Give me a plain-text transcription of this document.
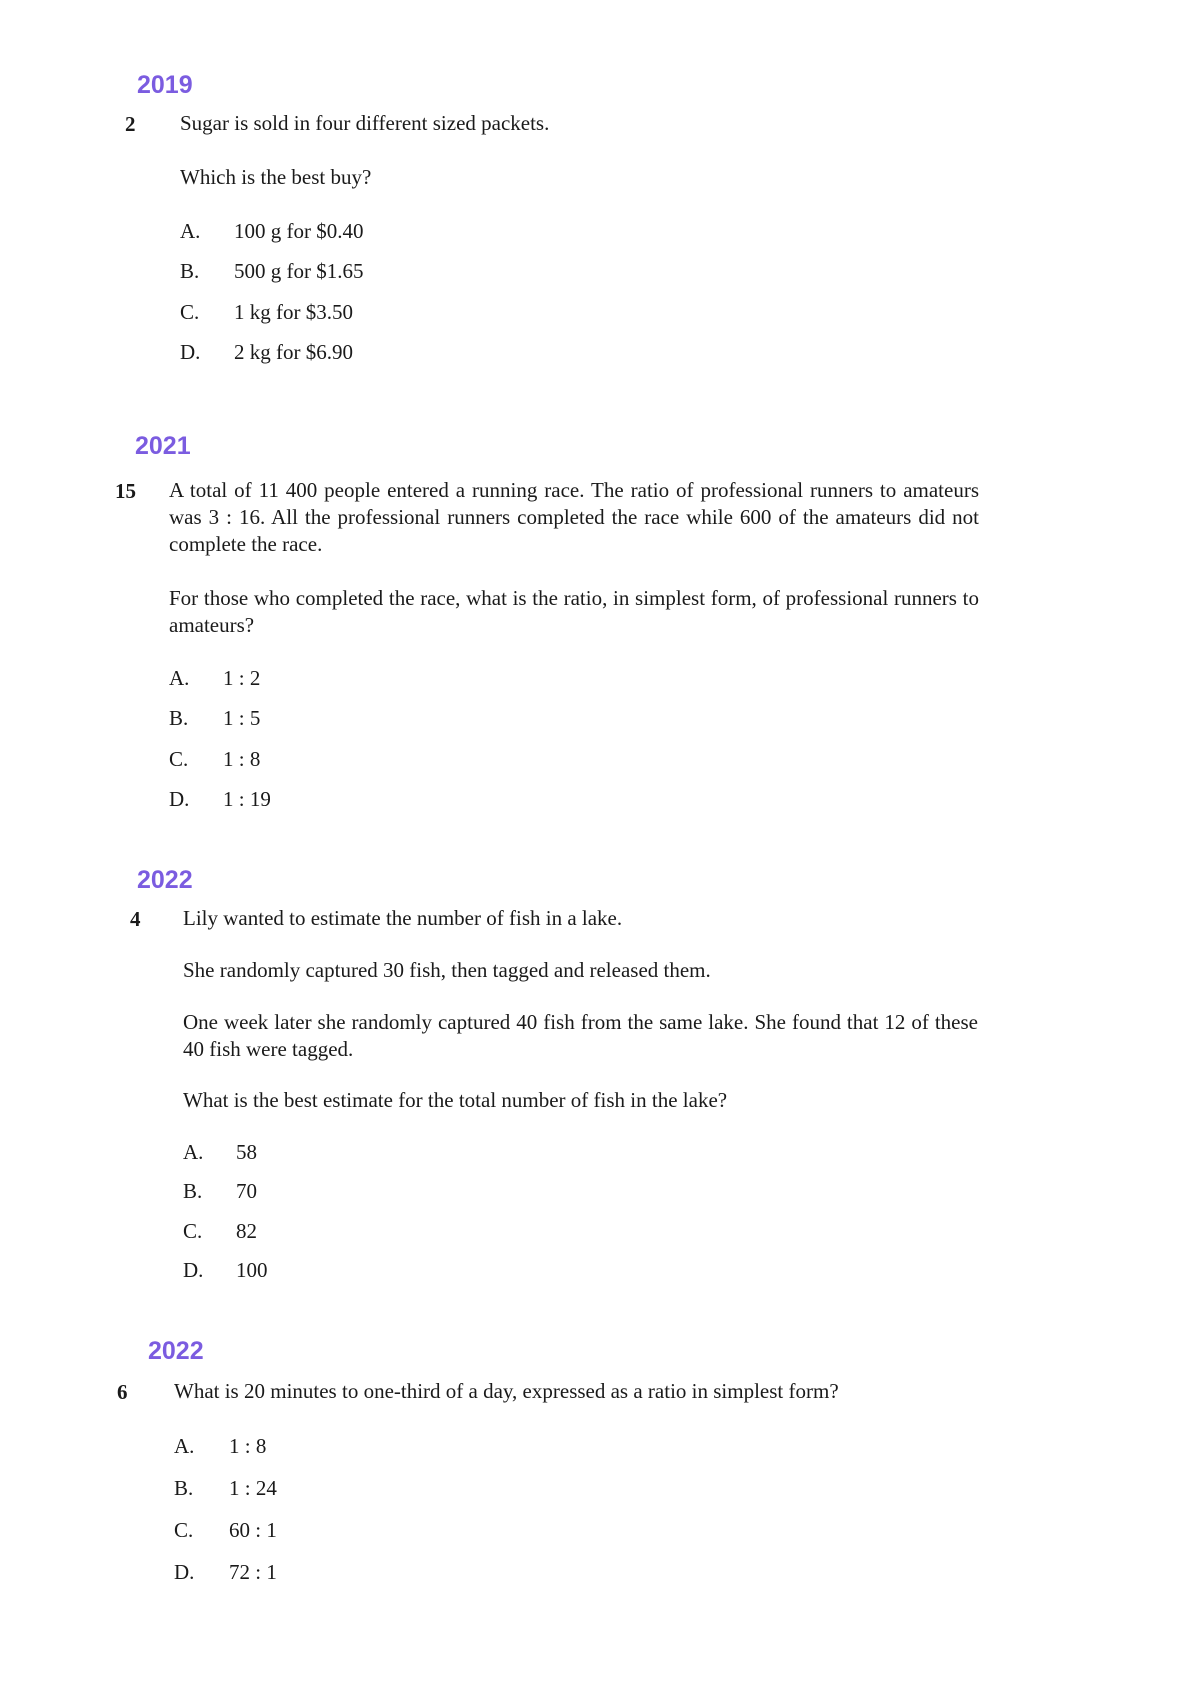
2019
2 Sugar is sold in four different sized packets.

Which is the best buy?

A. 100 g for $0.40
B. 500 g for $1.65
C. 1 kg for $3.50
D. 2 kg for $6.90
2021
15 A total of 11 400 people entered a running race. The ratio of professional runners to amateurs was 3 : 16. All the professional runners completed the race while 600 of the amateurs did not complete the race.

For those who completed the race, what is the ratio, in simplest form, of professional runners to amateurs?

A. 1 : 2
B. 1 : 5
C. 1 : 8
D. 1 : 19
2022
4 Lily wanted to estimate the number of fish in a lake.

She randomly captured 30 fish, then tagged and released them.

One week later she randomly captured 40 fish from the same lake. She found that 12 of these 40 fish were tagged.

What is the best estimate for the total number of fish in the lake?

A. 58
B. 70
C. 82
D. 100
2022
6 What is 20 minutes to one-third of a day, expressed as a ratio in simplest form?

A. 1 : 8
B. 1 : 24
C. 60 : 1
D. 72 : 1
